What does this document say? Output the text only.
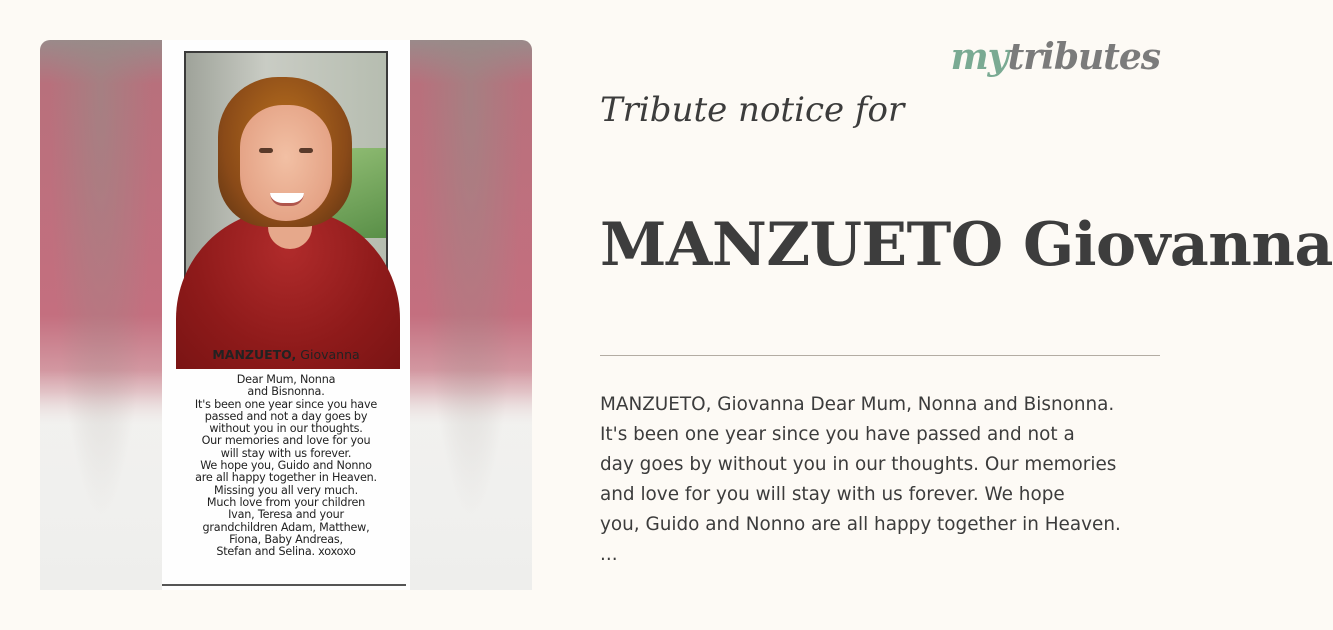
MANZUETO, Giovanna
Dear Mum, Nonna
and Bisnonna.
It's been one year since you have
passed and not a day goes by
without you in our thoughts.
Our memories and love for you
will stay with us forever.
We hope you, Guido and Nonno
are all happy together in Heaven.
Missing you all very much.
Much love from your children
Ivan, Teresa and your
grandchildren Adam, Matthew,
Fiona, Baby Andreas,
Stefan and Selina. xoxoxo
mytributes
Tribute notice for
MANZUETO Giovanna
MANZUETO, Giovanna Dear Mum, Nonna and Bisnonna.
It's been one year since you have passed and not a
day goes by without you in our thoughts. Our memories
and love for you will stay with us forever. We hope
you, Guido and Nonno are all happy together in Heaven.
...
